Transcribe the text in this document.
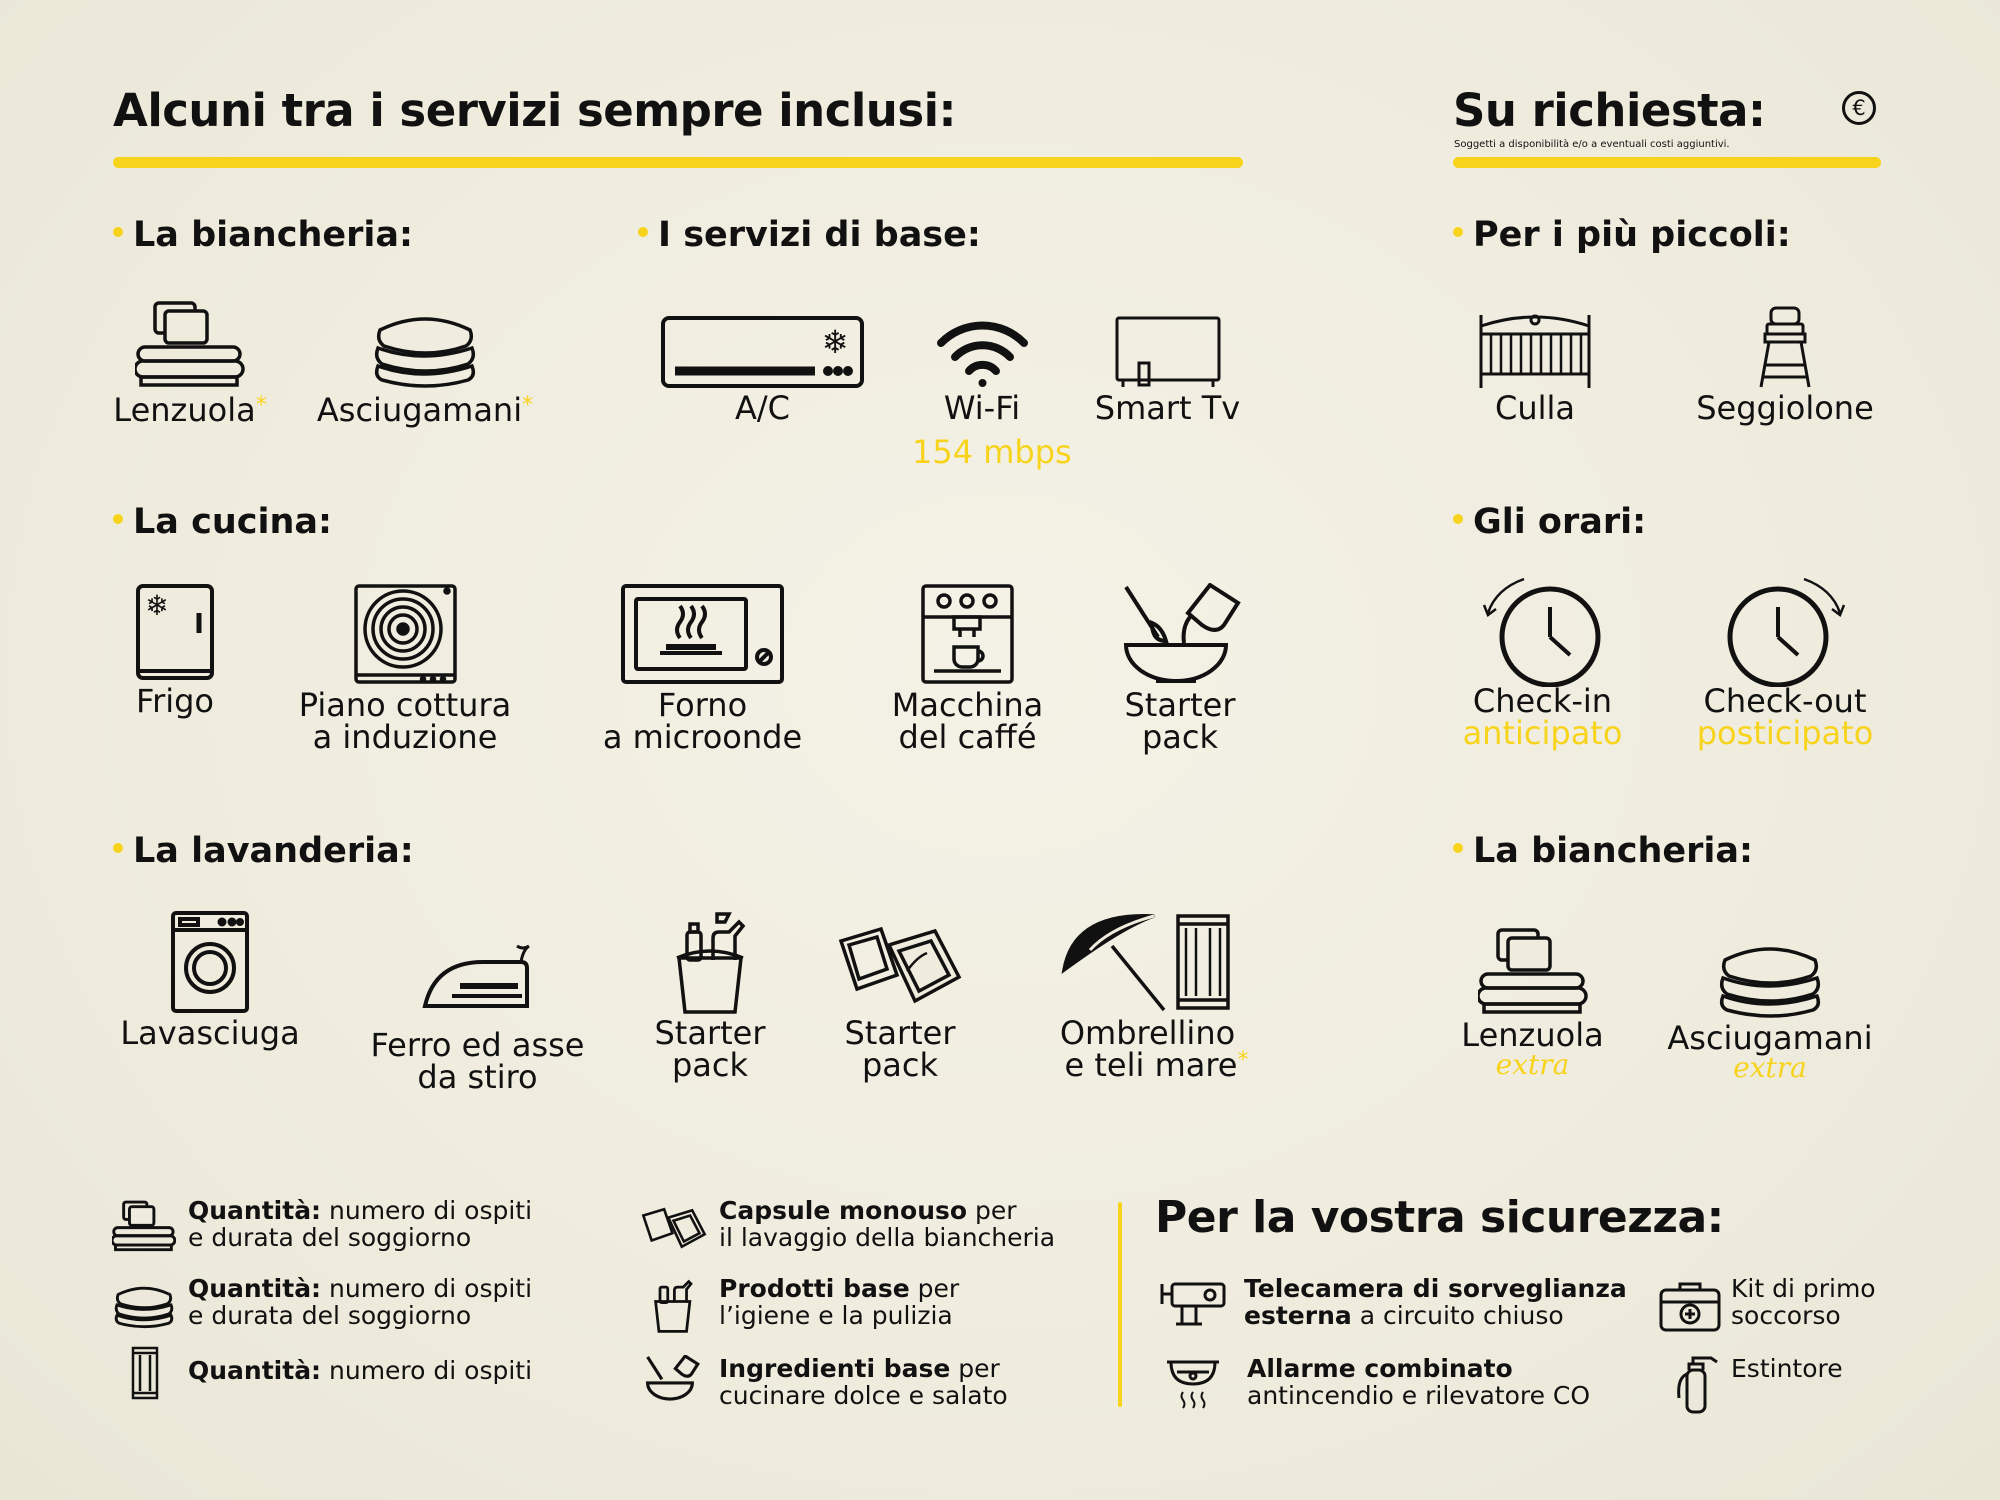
Alcuni tra i servizi sempre inclusi:	Su richiesta:
Soggetti a disponibilità e/o a eventuali costi aggiuntivi.
€
La biancheria:	I servizi di base:	Per i più piccoli:
La cucina:	Gli orari:
La lavanderia:	La biancheria:
Lenzuola*	Asciugamani*
❄
A/C	Wi-Fi
154 mbps
Smart Tv	Culla	Seggiolone
❄
Frigo	Piano cottura
a induzione
Forno
a microonde
Macchina
del caffé
Starter
pack
Check-in
anticipato
Check-out
posticipato
Lavasciuga	Ferro ed asse
da stiro
Starter
pack
Starter
pack
Ombrellino
e teli mare*
Lenzuola
extra
Asciugamani
extra
Quantità: numero di ospiti
e durata del soggiorno
Quantità: numero di ospiti
e durata del soggiorno
Quantità: numero di ospiti
Capsule monouso per
il lavaggio della biancheria
Prodotti base per
l’igiene e la pulizia
Ingredienti base per
cucinare dolce e salato
Per la vostra sicurezza:
Telecamera di sorveglianza
esterna a circuito chiuso
Kit di primo
soccorso
Allarme combinato
antincendio e rilevatore CO
Estintore
